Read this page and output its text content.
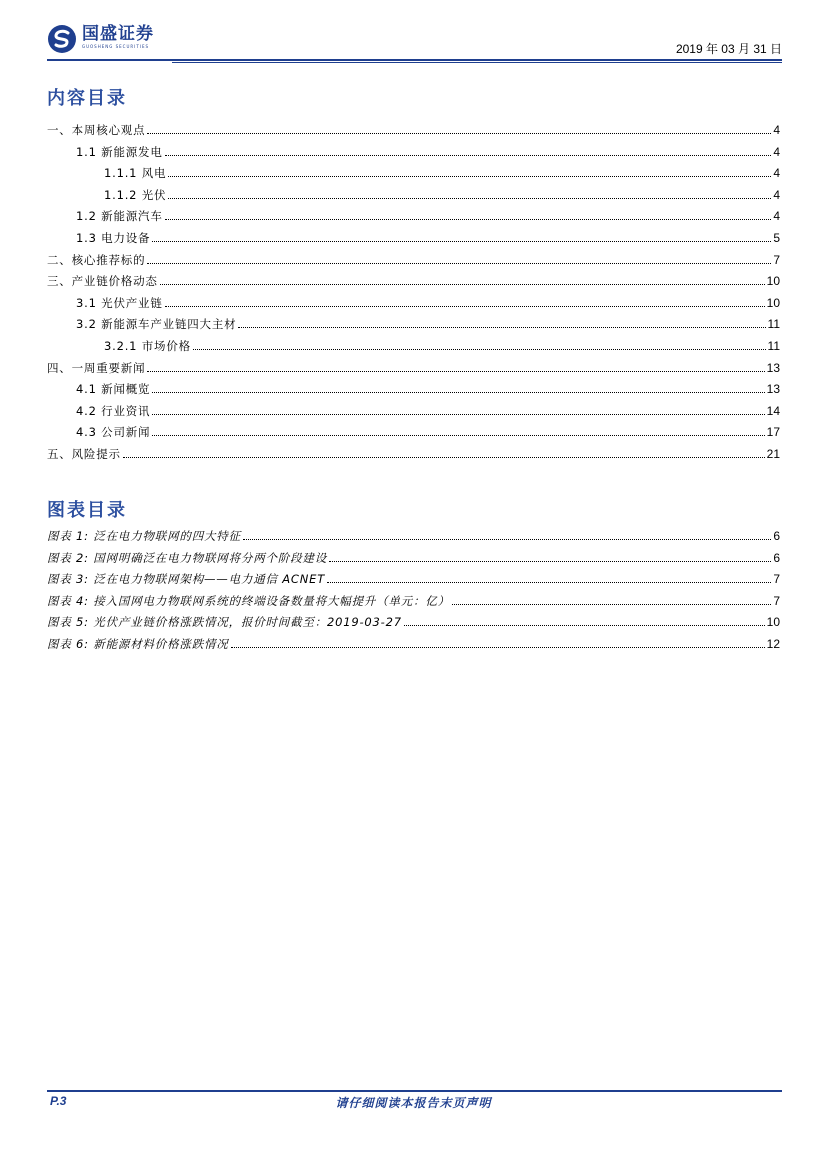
国盛证券
GUOSHENG SECURITIES	2019 年 03 月 31 日
内容目录
一、本周核心观点	4
1.1 新能源发电	4
1.1.1 风电	4
1.1.2 光伏	4
1.2 新能源汽车	4
1.3 电力设备	5
二、核心推荐标的	7
三、产业链价格动态	10
3.1 光伏产业链	10
3.2 新能源车产业链四大主材	11
3.2.1 市场价格	11
四、一周重要新闻	13
4.1 新闻概览	13
4.2 行业资讯	14
4.3 公司新闻	17
五、风险提示	21
图表目录
图表 1: 泛在电力物联网的四大特征	6
图表 2: 国网明确泛在电力物联网将分两个阶段建设	6
图表 3: 泛在电力物联网架构——电力通信 ACNET	7
图表 4: 接入国网电力物联网系统的终端设备数量将大幅提升（单元：亿）	7
图表 5: 光伏产业链价格涨跌情况，报价时间截至：2019-03-27	10
图表 6: 新能源材料价格涨跌情况	12
P.3	请仔细阅读本报告末页声明
